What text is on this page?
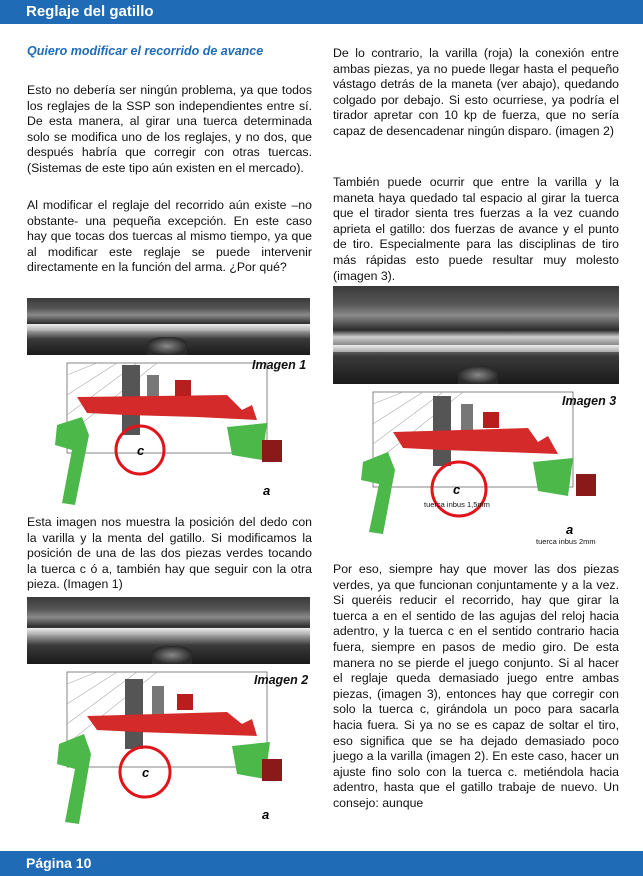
Reglaje del gatillo
Quiero modificar el recorrido de avance

Esto no debería ser ningún problema, ya que todos los reglajes de la SSP son independientes entre sí. De esta manera, al girar una tuerca determinada solo se modifica uno de los reglajes, y no dos, que después habría que corregir con otras tuercas. (Sistemas de este tipo aún existen en el mercado).

Al modificar el reglaje del recorrido aún existe –no obstante- una pequeña excepción. En este caso hay que tocas dos tuercas al mismo tiempo, ya que al modificar este reglaje se puede intervenir directamente en la función del arma. ¿Por qué?

c
a
Imagen 1

Esta imagen nos muestra la posición del dedo con la varilla y la menta del gatillo. Si modificamos la posición de una de las dos piezas verdes tocando la tuerca c ó a, también hay que seguir con la otra pieza. (Imagen 1)

c
a
Imagen 2

De lo contrario, la varilla (roja) la conexión entre ambas piezas, ya no puede llegar hasta el pequeño vástago detrás de la maneta (ver abajo), quedando colgado por debajo. Si esto ocurriese, ya podría el tirador apretar con 10 kp de fuerza, que no sería capaz de desencadenar ningún disparo. (imagen 2)

También puede ocurrir que entre la varilla y la maneta haya quedado tal espacio al girar la tuerca que el tirador sienta tres fuerzas a la vez cuando aprieta el gatillo: dos fuerzas de avance y el punto de tiro. Especialmente para las disciplinas de tiro más rápidas esto puede resultar muy molesto (imagen 3).

c
a
Imagen 3
tuerca inbus 1,5mm
tuerca inbus 2mm

Por eso, siempre hay que mover las dos piezas verdes, ya que funcionan conjuntamente y a la vez. Si queréis reducir el recorrido, hay que girar la tuerca a en el sentido de las agujas del reloj hacia adentro, y la tuerca c en el sentido contrario hacia fuera, siempre en pasos de medio giro. De esta manera no se pierde el juego conjunto. Si al hacer el reglaje queda demasiado juego entre ambas piezas, (imagen 3), entonces hay que corregir con solo la tuerca c, girándola un poco para sacarla hacia fuera. Si ya no se es capaz de soltar el tiro, eso significa que se ha dejado demasiado poco juego a la varilla (imagen 2). En este caso, hacer un ajuste fino solo con la tuerca c. metiéndola hacia adentro, hasta que el gatillo trabaje de nuevo. Un consejo: aunque

Página 10
